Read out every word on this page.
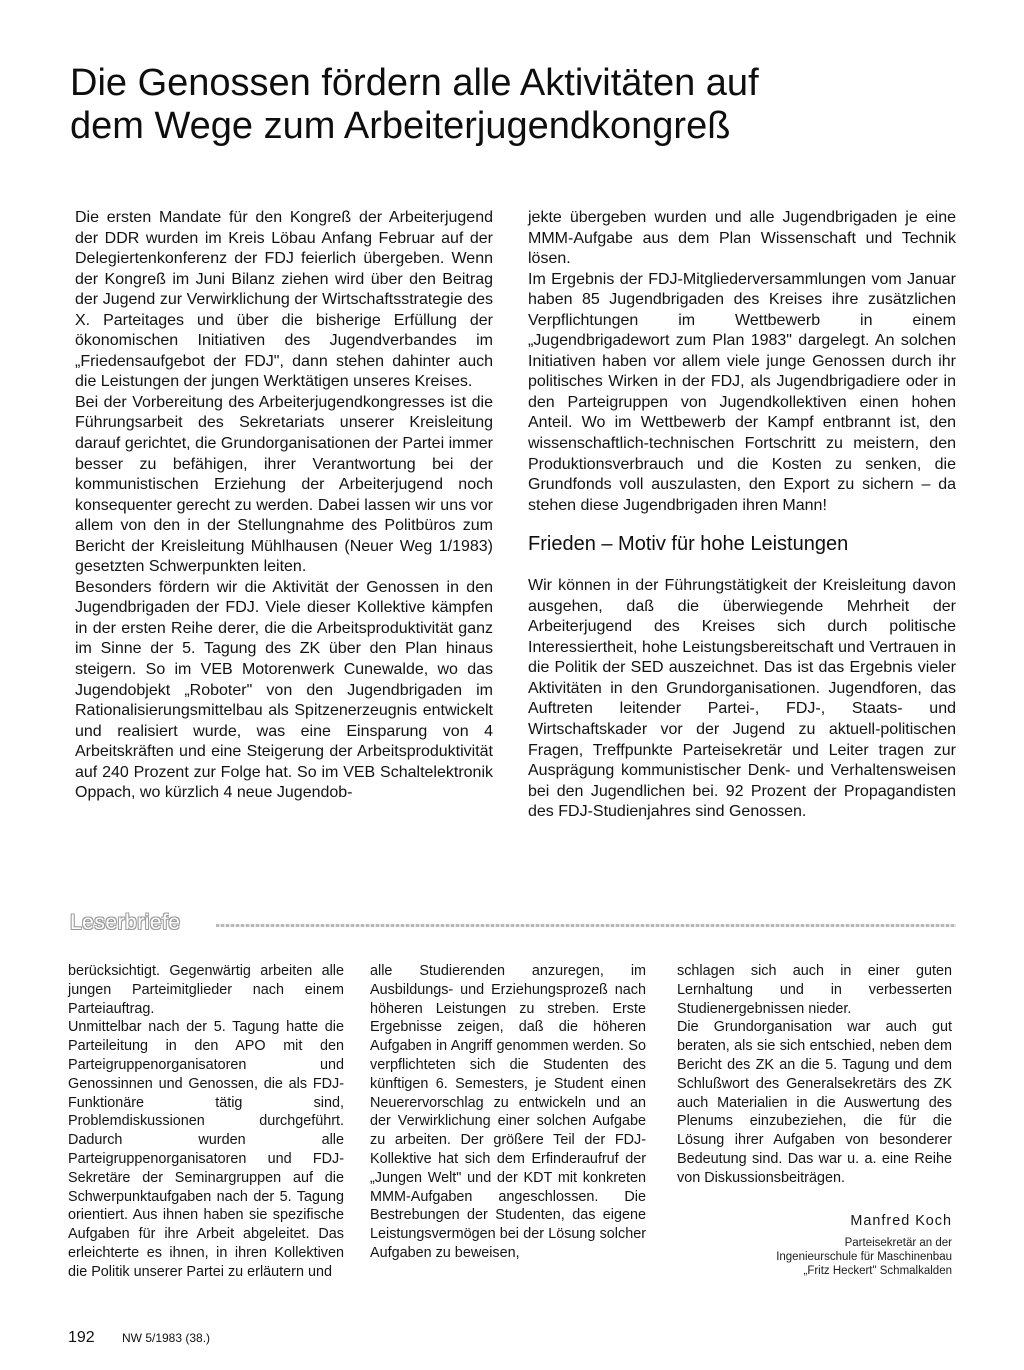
Die Genossen fördern alle Aktivitäten auf
dem Wege zum Arbeiterjugendkongreß

Die ersten Mandate für den Kongreß der Arbeiterjugend der DDR wurden im Kreis Löbau Anfang Februar auf der Delegiertenkonferenz der FDJ feierlich übergeben. Wenn der Kongreß im Juni Bilanz ziehen wird über den Beitrag der Jugend zur Verwirklichung der Wirtschaftsstrategie des X. Parteitages und über die bisherige Erfüllung der ökonomischen Initiativen des Jugendverbandes im „Friedensaufgebot der FDJ", dann stehen dahinter auch die Leistungen der jungen Werktätigen unseres Kreises.

Bei der Vorbereitung des Arbeiterjugendkongresses ist die Führungsarbeit des Sekretariats unserer Kreisleitung darauf gerichtet, die Grundorganisationen der Partei immer besser zu befähigen, ihrer Verantwortung bei der kommunistischen Erziehung der Arbeiterjugend noch konsequenter gerecht zu werden. Dabei lassen wir uns vor allem von den in der Stellungnahme des Politbüros zum Bericht der Kreisleitung Mühlhausen (Neuer Weg 1/1983) gesetzten Schwerpunkten leiten.

Besonders fördern wir die Aktivität der Genossen in den Jugendbrigaden der FDJ. Viele dieser Kollektive kämpfen in der ersten Reihe derer, die die Arbeitsproduktivität ganz im Sinne der 5. Tagung des ZK über den Plan hinaus steigern. So im VEB Motorenwerk Cunewalde, wo das Jugendobjekt „Roboter" von den Jugendbrigaden im Rationalisierungsmittelbau als Spitzenerzeugnis entwickelt und realisiert wurde, was eine Einsparung von 4 Arbeitskräften und eine Steigerung der Arbeitsproduktivität auf 240 Prozent zur Folge hat. So im VEB Schaltelektronik Oppach, wo kürzlich 4 neue Jugendob-

jekte übergeben wurden und alle Jugendbrigaden je eine MMM-Aufgabe aus dem Plan Wissenschaft und Technik lösen.

Im Ergebnis der FDJ-Mitgliederversammlungen vom Januar haben 85 Jugendbrigaden des Kreises ihre zusätzlichen Verpflichtungen im Wettbewerb in einem „Jugendbrigadewort zum Plan 1983" dargelegt. An solchen Initiativen haben vor allem viele junge Genossen durch ihr politisches Wirken in der FDJ, als Jugendbrigadiere oder in den Parteigruppen von Jugendkollektiven einen hohen Anteil. Wo im Wettbewerb der Kampf entbrannt ist, den wissenschaftlich-technischen Fortschritt zu meistern, den Produktionsverbrauch und die Kosten zu senken, die Grundfonds voll auszulasten, den Export zu sichern – da stehen diese Jugendbrigaden ihren Mann!

Frieden – Motiv für hohe Leistungen

Wir können in der Führungstätigkeit der Kreisleitung davon ausgehen, daß die überwiegende Mehrheit der Arbeiterjugend des Kreises sich durch politische Interessiertheit, hohe Leistungsbereitschaft und Vertrauen in die Politik der SED auszeichnet. Das ist das Ergebnis vieler Aktivitäten in den Grundorganisationen. Jugendforen, das Auftreten leitender Partei-, FDJ-, Staats- und Wirtschaftskader vor der Jugend zu aktuell-politischen Fragen, Treffpunkte Parteisekretär und Leiter tragen zur Ausprägung kommunistischer Denk- und Verhaltensweisen bei den Jugendlichen bei. 92 Prozent der Propagandisten des FDJ-Studienjahres sind Genossen.

Leserbriefe

berücksichtigt. Gegenwärtig arbeiten alle jungen Parteimitglieder nach einem Parteiauftrag.

Unmittelbar nach der 5. Tagung hatte die Parteileitung in den APO mit den Parteigruppenorganisatoren und Genossinnen und Genossen, die als FDJ-Funktionäre tätig sind, Problemdiskussionen durchgeführt. Dadurch wurden alle Parteigruppenorganisatoren und FDJ-Sekretäre der Seminargruppen auf die Schwerpunktaufgaben nach der 5. Tagung orientiert. Aus ihnen haben sie spezifische Aufgaben für ihre Arbeit abgeleitet. Das erleichterte es ihnen, in ihren Kollektiven die Politik unserer Partei zu erläutern und

alle Studierenden anzuregen, im Ausbildungs- und Erziehungsprozeß nach höheren Leistungen zu streben. Erste Ergebnisse zeigen, daß die höheren Aufgaben in Angriff genommen werden. So verpflichteten sich die Studenten des künftigen 6. Semesters, je Student einen Neuerervorschlag zu entwickeln und an der Verwirklichung einer solchen Aufgabe zu arbeiten. Der größere Teil der FDJ-Kollektive hat sich dem Erfinderaufruf der „Jungen Welt" und der KDT mit konkreten MMM-Aufgaben angeschlossen. Die Bestrebungen der Studenten, das eigene Leistungsvermögen bei der Lösung solcher Aufgaben zu beweisen,

schlagen sich auch in einer guten Lernhaltung und in verbesserten Studienergebnissen nieder.

Die Grundorganisation war auch gut beraten, als sie sich entschied, neben dem Bericht des ZK an die 5. Tagung und dem Schlußwort des Generalsekretärs des ZK auch Materialien in die Auswertung des Plenums einzubeziehen, die für die Lösung ihrer Aufgaben von besonderer Bedeutung sind. Das war u. a. eine Reihe von Diskussionsbeiträgen.

Manfred Koch
Parteisekretär an der
Ingenieurschule für Maschinenbau
„Fritz Heckert" Schmalkalden
192 NW 5/1983 (38.)
